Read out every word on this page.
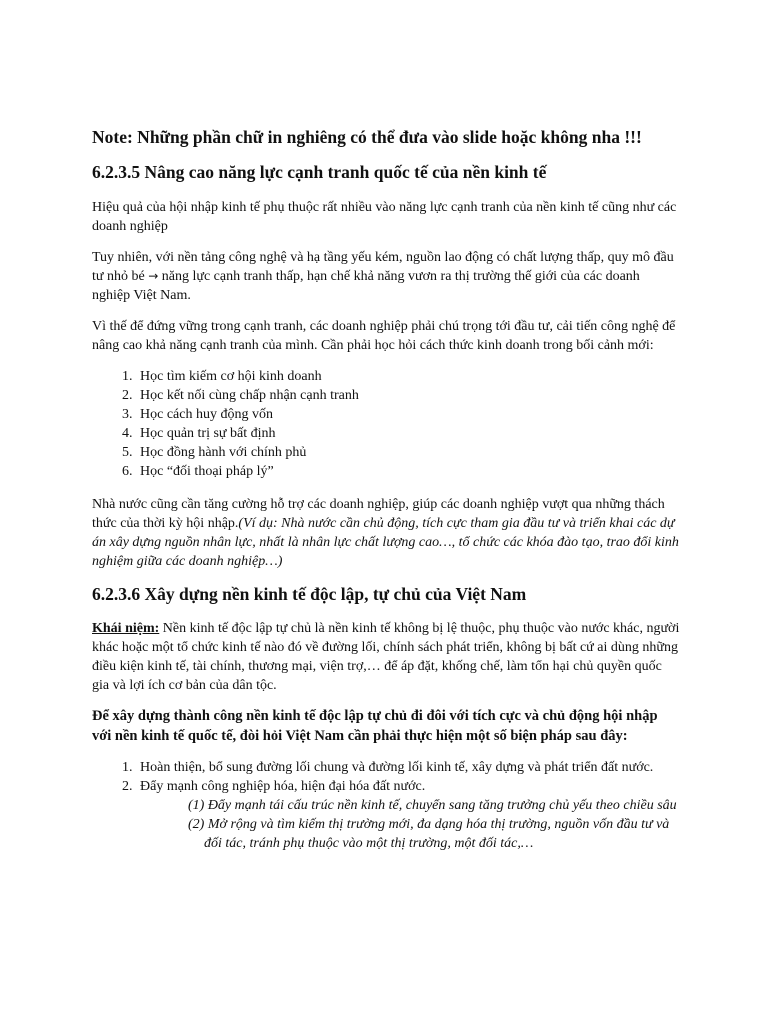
Note: Những phần chữ in nghiêng có thể đưa vào slide hoặc không nha !!!
6.2.3.5 Nâng cao năng lực cạnh tranh quốc tế của nền kinh tế

Hiệu quả của hội nhập kinh tế phụ thuộc rất nhiều vào năng lực cạnh tranh của nền kinh tế cũng như các doanh nghiệp

Tuy nhiên, với nền tảng công nghệ và hạ tầng yếu kém, nguồn lao động có chất lượng thấp, quy mô đầu tư nhỏ bé → năng lực cạnh tranh thấp, hạn chế khả năng vươn ra thị trường thế giới của các doanh nghiệp Việt Nam.

Vì thế để đứng vững trong cạnh tranh, các doanh nghiệp phải chú trọng tới đầu tư, cải tiến công nghệ để nâng cao khả năng cạnh tranh của mình. Cần phải học hỏi cách thức kinh doanh trong bối cảnh mới:

1. Học tìm kiếm cơ hội kinh doanh
2. Học kết nối cùng chấp nhận cạnh tranh
3. Học cách huy động vốn
4. Học quản trị sự bất định
5. Học đồng hành với chính phủ
6. Học “đối thoại pháp lý”

Nhà nước cũng cần tăng cường hỗ trợ các doanh nghiệp, giúp các doanh nghiệp vượt qua những thách thức của thời kỳ hội nhập.(Ví dụ: Nhà nước cần chủ động, tích cực tham gia đầu tư và triển khai các dự án xây dựng nguồn nhân lực, nhất là nhân lực chất lượng cao…, tổ chức các khóa đào tạo, trao đổi kinh nghiệm giữa các doanh nghiệp…)

6.2.3.6 Xây dựng nền kinh tế độc lập, tự chủ của Việt Nam

Khái niệm: Nền kinh tế độc lập tự chủ là nền kinh tế không bị lệ thuộc, phụ thuộc vào nước khác, người khác hoặc một tổ chức kinh tế nào đó về đường lối, chính sách phát triển, không bị bất cứ ai dùng những điều kiện kinh tế, tài chính, thương mại, viện trợ,… để áp đặt, khống chế, làm tổn hại chủ quyền quốc gia và lợi ích cơ bản của dân tộc.

Để xây dựng thành công nền kinh tế độc lập tự chủ đi đôi với tích cực và chủ động hội nhập với nền kinh tế quốc tế, đòi hỏi Việt Nam cần phải thực hiện một số biện pháp sau đây:

1. Hoàn thiện, bổ sung đường lối chung và đường lối kinh tế, xây dựng và phát triển đất nước.
2. Đẩy mạnh công nghiệp hóa, hiện đại hóa đất nước.
(1) Đẩy mạnh tái cấu trúc nền kinh tế, chuyển sang tăng trưởng chủ yếu theo chiều sâu
(2) Mở rộng và tìm kiếm thị trường mới, đa dạng hóa thị trường, nguồn vốn đầu tư và đối tác, tránh phụ thuộc vào một thị trường, một đối tác,…
